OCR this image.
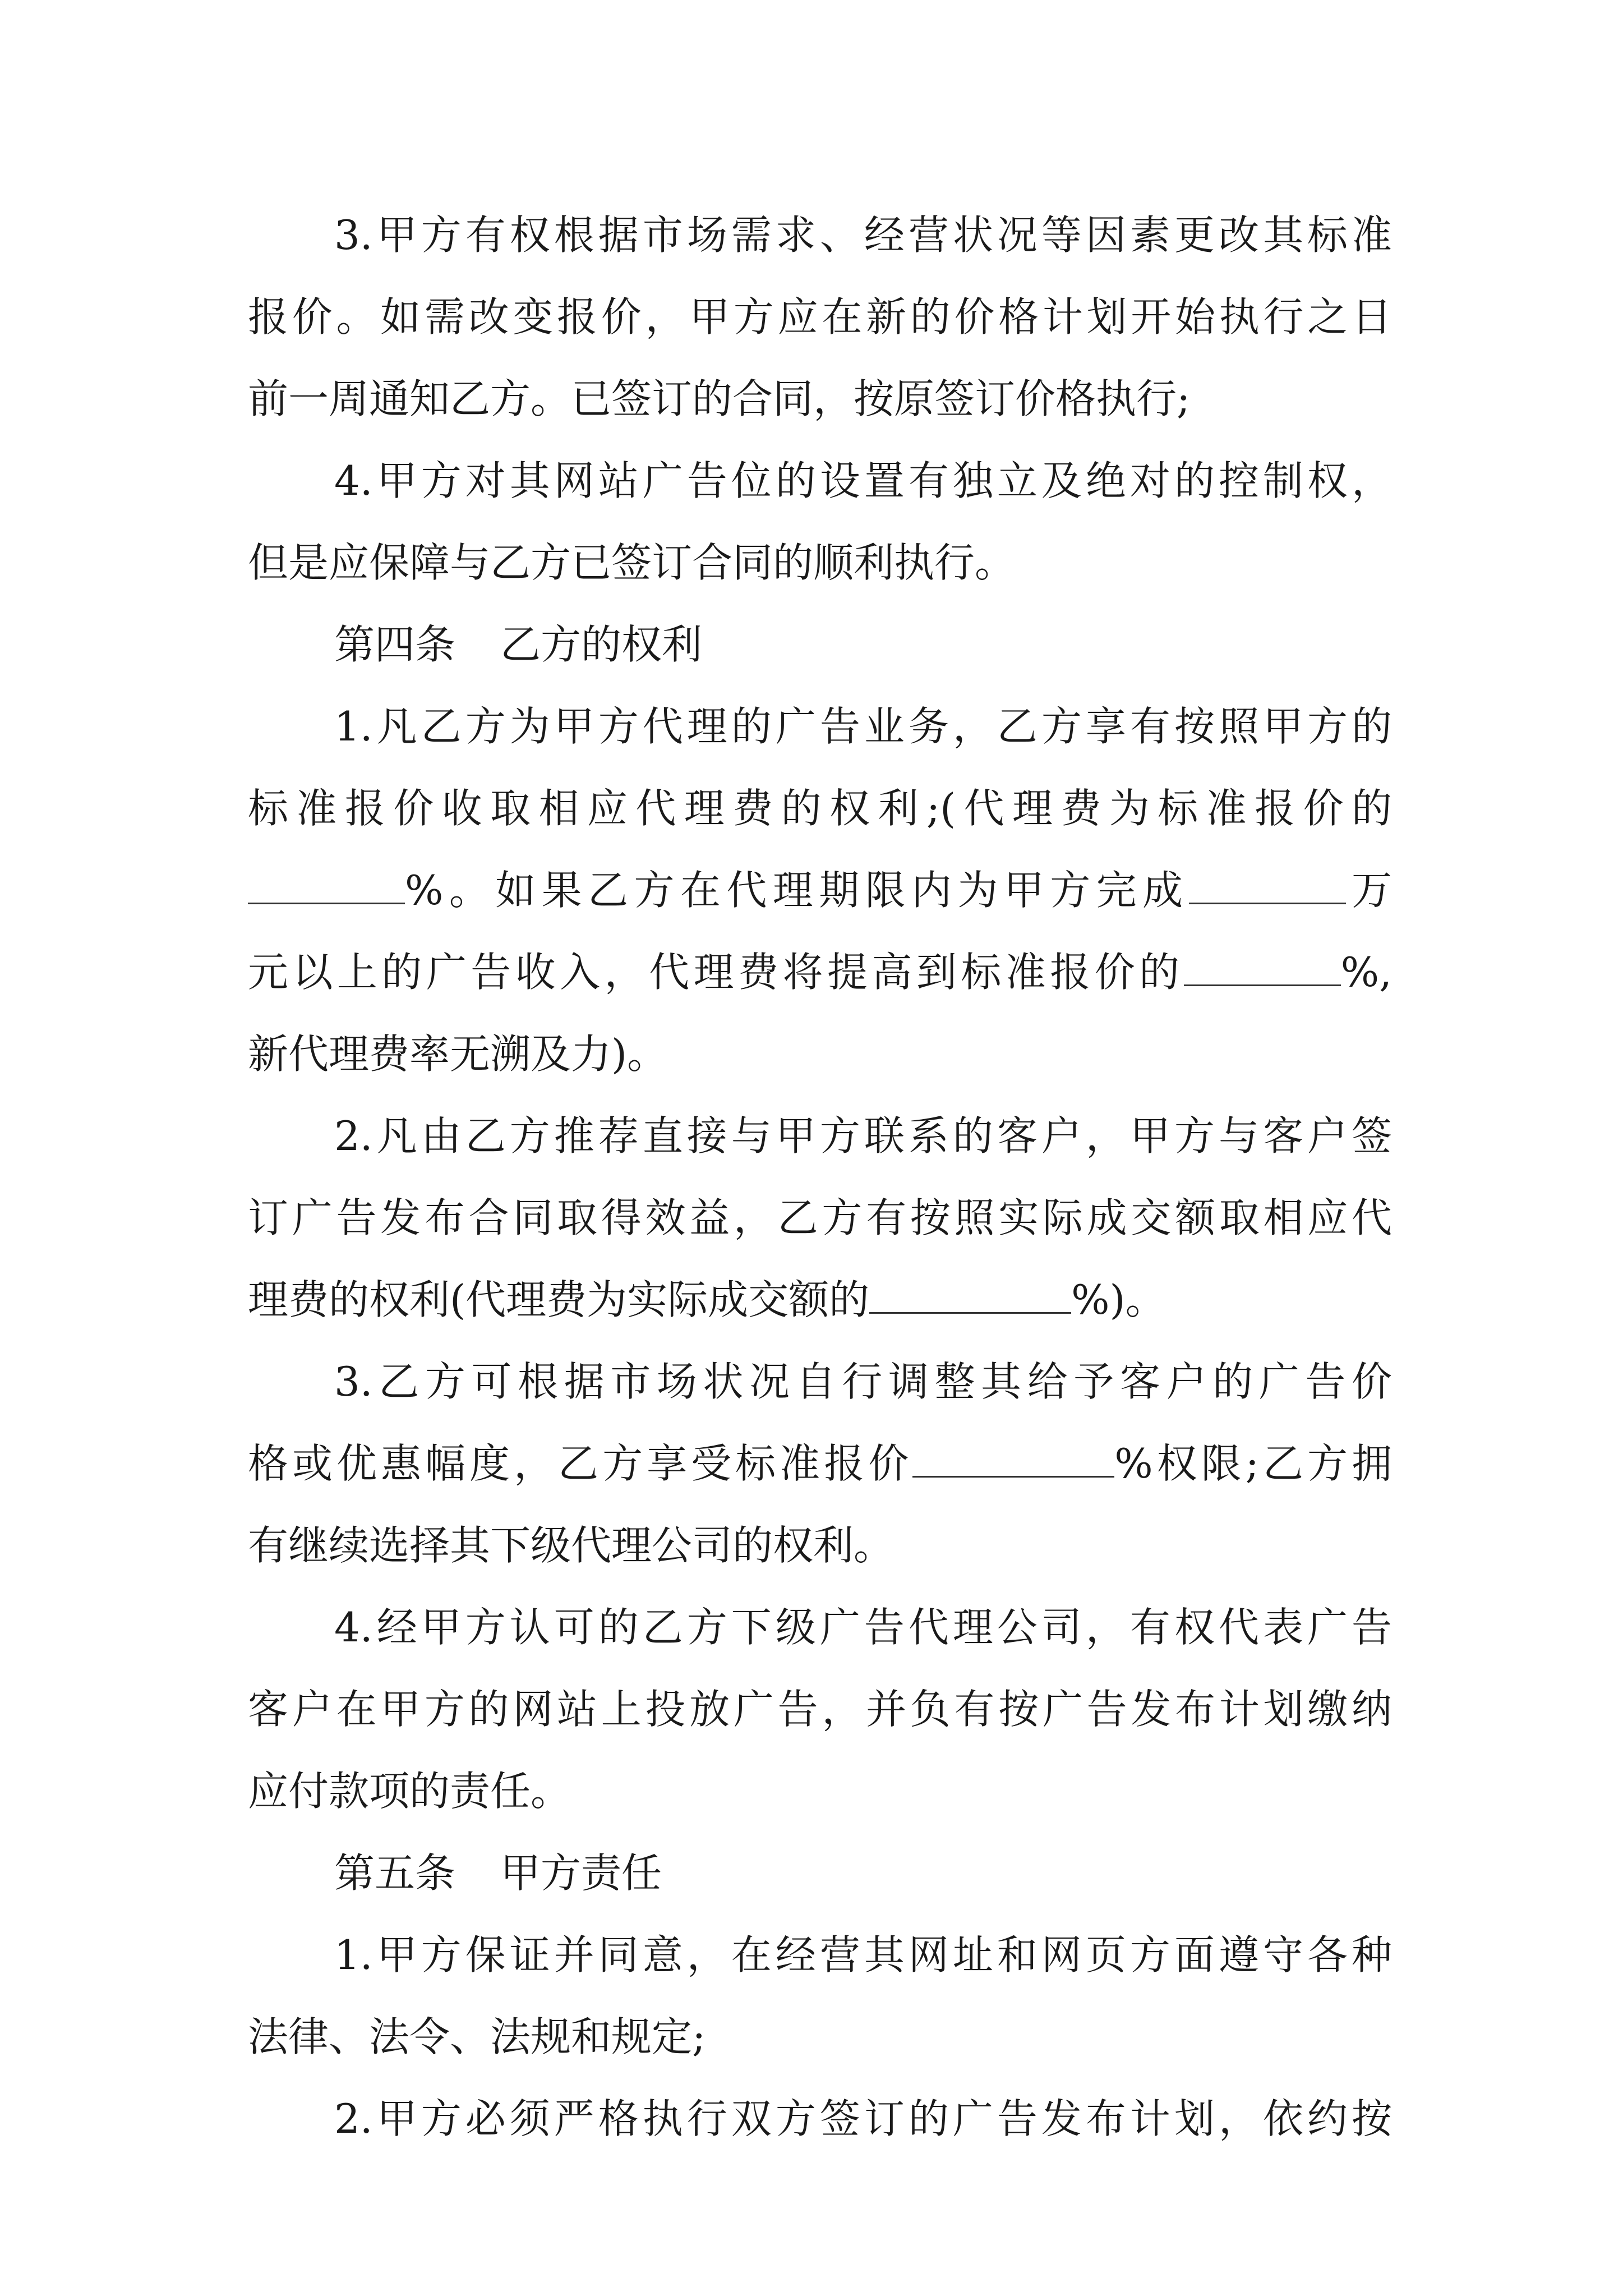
3.甲方有权根据市场需求、经营状况等因素更改其标准
报价。如需改变报价，甲方应在新的价格计划开始执行之日
前一周通知乙方。已签订的合同，按原签订价格执行;
4.甲方对其网站广告位的设置有独立及绝对的控制权，
但是应保障与乙方已签订合同的顺利执行。
第四条 乙方的权利
1.凡乙方为甲方代理的广告业务，乙方享有按照甲方的
标准报价收取相应代理费的权利;(代理费为标准报价的
%。如果乙方在代理期限内为甲方完成	万
元以上的广告收入，代理费将提高到标准报价的	%,
新代理费率无溯及力)。
2.凡由乙方推荐直接与甲方联系的客户，甲方与客户签
订广告发布合同取得效益，乙方有按照实际成交额取相应代
理费的权利(代理费为实际成交额的	%)。
3.乙方可根据市场状况自行调整其给予客户的广告价
格或优惠幅度，乙方享受标准报价	%权限;乙方拥
有继续选择其下级代理公司的权利。
4.经甲方认可的乙方下级广告代理公司，有权代表广告
客户在甲方的网站上投放广告，并负有按广告发布计划缴纳
应付款项的责任。
第五条 甲方责任
1.甲方保证并同意，在经营其网址和网页方面遵守各种
法律、法令、法规和规定;
2.甲方必须严格执行双方签订的广告发布计划，依约按
